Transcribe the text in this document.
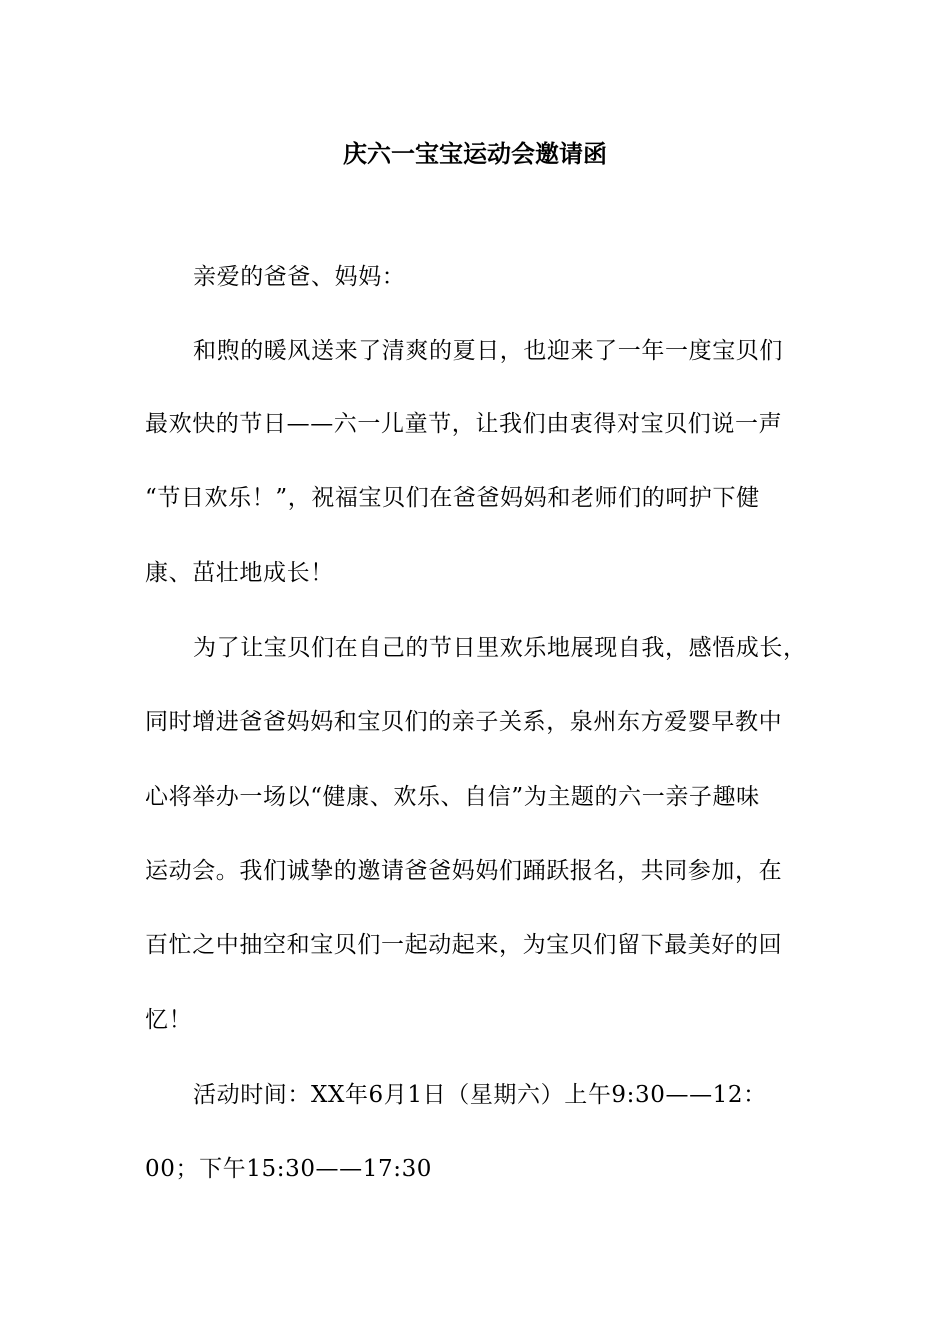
庆六一宝宝运动会邀请函
亲爱的爸爸、妈妈：
和煦的暖风送来了清爽的夏日，也迎来了一年一度宝贝们
最欢快的节日——六一儿童节，让我们由衷得对宝贝们说一声
“节日欢乐！”，祝福宝贝们在爸爸妈妈和老师们的呵护下健
康、茁壮地成长！
为了让宝贝们在自己的节日里欢乐地展现自我，感悟成长，
同时增进爸爸妈妈和宝贝们的亲子关系，泉州东方爱婴早教中
心将举办一场以“健康、欢乐、自信”为主题的六一亲子趣味
运动会。我们诚挚的邀请爸爸妈妈们踊跃报名，共同参加，在
百忙之中抽空和宝贝们一起动起来，为宝贝们留下最美好的回
忆！
活动时间：XX年6月1日（星期六）上午9:30——12：
00；下午15:30——17:30
